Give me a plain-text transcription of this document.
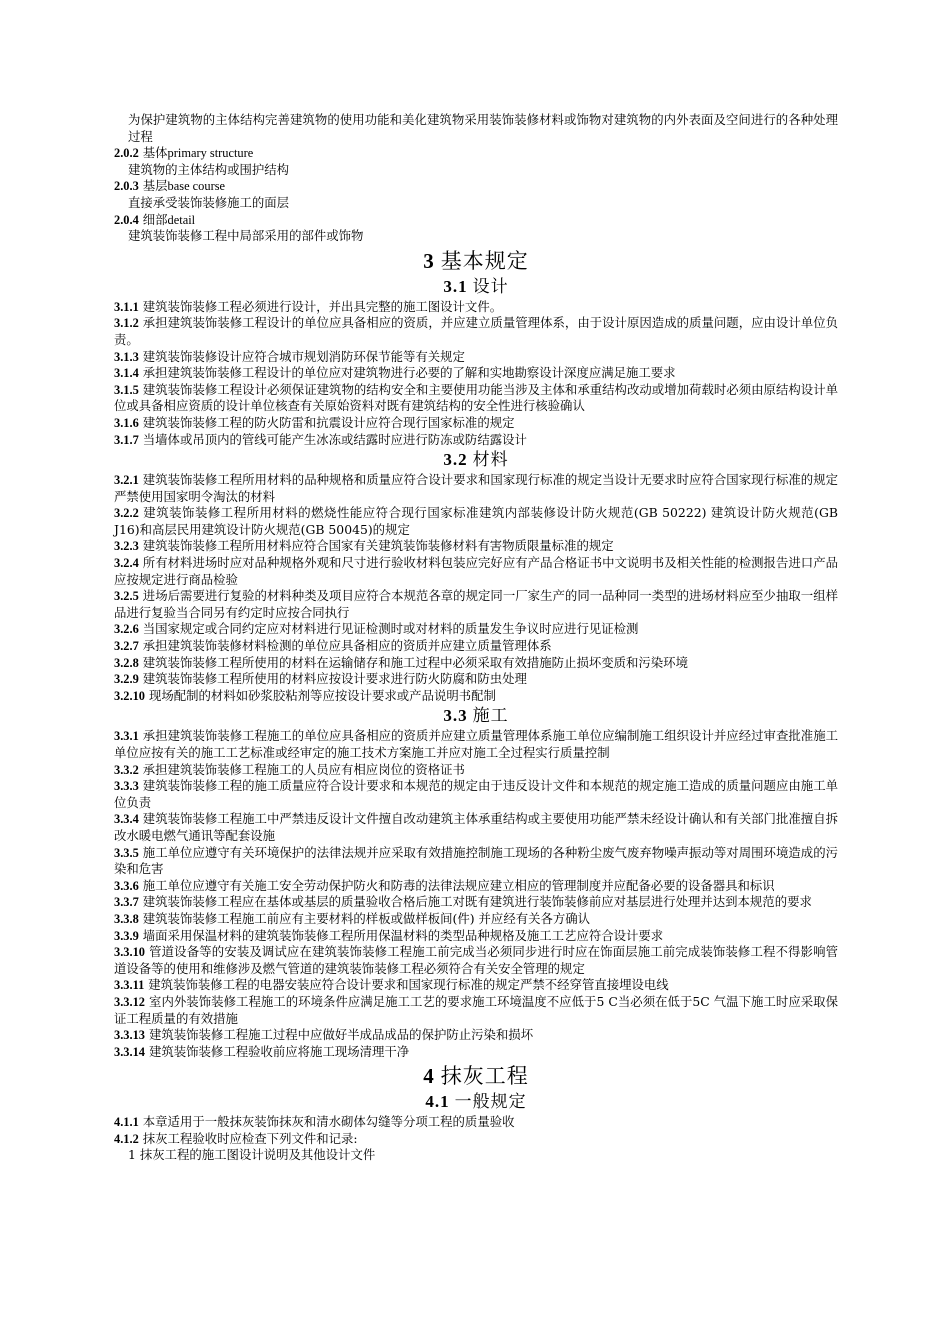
为保护建筑物的主体结构完善建筑物的使用功能和美化建筑物采用装饰装修材料或饰物对建筑物的内外表面及空间进行的各种处理过程

2.0.2 基体primary structure

建筑物的主体结构或围护结构

2.0.3 基层base course

直接承受装饰装修施工的面层

2.0.4 细部detail

建筑装饰装修工程中局部采用的部件或饰物

3 基本规定
3.1 设计

3.1.1 建筑装饰装修工程必须进行设计，并出具完整的施工图设计文件。

3.1.2 承担建筑装饰装修工程设计的单位应具备相应的资质，并应建立质量管理体系，由于设计原因造成的质量问题，应由设计单位负责。

3.1.3 建筑装饰装修设计应符合城市规划消防环保节能等有关规定

3.1.4 承担建筑装饰装修工程设计的单位应对建筑物进行必要的了解和实地勘察设计深度应满足施工要求

3.1.5 建筑装饰装修工程设计必须保证建筑物的结构安全和主要使用功能当涉及主体和承重结构改动或增加荷载时必须由原结构设计单位或具备相应资质的设计单位核查有关原始资料对既有建筑结构的安全性进行核验确认

3.1.6 建筑装饰装修工程的防火防雷和抗震设计应符合现行国家标准的规定

3.1.7 当墙体或吊顶内的管线可能产生冰冻或结露时应进行防冻或防结露设计

3.2 材料

3.2.1 建筑装饰装修工程所用材料的品种规格和质量应符合设计要求和国家现行标准的规定当设计无要求时应符合国家现行标准的规定严禁使用国家明令淘汰的材料

3.2.2 建筑装饰装修工程所用材料的燃烧性能应符合现行国家标准建筑内部装修设计防火规范(GB 50222) 建筑设计防火规范(GB J16)和高层民用建筑设计防火规范(GB 50045)的规定

3.2.3 建筑装饰装修工程所用材料应符合国家有关建筑装饰装修材料有害物质限量标准的规定

3.2.4 所有材料进场时应对品种规格外观和尺寸进行验收材料包装应完好应有产品合格证书中文说明书及相关性能的检测报告进口产品应按规定进行商品检验

3.2.5 进场后需要进行复验的材料种类及项目应符合本规范各章的规定同一厂家生产的同一品种同一类型的进场材料应至少抽取一组样品进行复验当合同另有约定时应按合同执行

3.2.6 当国家规定或合同约定应对材料进行见证检测时或对材料的质量发生争议时应进行见证检测

3.2.7 承担建筑装饰装修材料检测的单位应具备相应的资质并应建立质量管理体系

3.2.8 建筑装饰装修工程所使用的材料在运输储存和施工过程中必须采取有效措施防止损坏变质和污染环境

3.2.9 建筑装饰装修工程所使用的材料应按设计要求进行防火防腐和防虫处理

3.2.10 现场配制的材料如砂浆胶粘剂等应按设计要求或产品说明书配制

3.3 施工

3.3.1 承担建筑装饰装修工程施工的单位应具备相应的资质并应建立质量管理体系施工单位应编制施工组织设计并应经过审查批准施工单位应按有关的施工工艺标准或经审定的施工技术方案施工并应对施工全过程实行质量控制

3.3.2 承担建筑装饰装修工程施工的人员应有相应岗位的资格证书

3.3.3 建筑装饰装修工程的施工质量应符合设计要求和本规范的规定由于违反设计文件和本规范的规定施工造成的质量问题应由施工单位负责

3.3.4 建筑装饰装修工程施工中严禁违反设计文件擅自改动建筑主体承重结构或主要使用功能严禁未经设计确认和有关部门批准擅自拆改水暖电燃气通讯等配套设施

3.3.5 施工单位应遵守有关环境保护的法律法规并应采取有效措施控制施工现场的各种粉尘废气废弃物噪声振动等对周围环境造成的污染和危害

3.3.6 施工单位应遵守有关施工安全劳动保护防火和防毒的法律法规应建立相应的管理制度并应配备必要的设备器具和标识

3.3.7 建筑装饰装修工程应在基体或基层的质量验收合格后施工对既有建筑进行装饰装修前应对基层进行处理并达到本规范的要求

3.3.8 建筑装饰装修工程施工前应有主要材料的样板或做样板间(件) 并应经有关各方确认

3.3.9 墙面采用保温材料的建筑装饰装修工程所用保温材料的类型品种规格及施工工艺应符合设计要求

3.3.10 管道设备等的安装及调试应在建筑装饰装修工程施工前完成当必须同步进行时应在饰面层施工前完成装饰装修工程不得影响管道设备等的使用和维修涉及燃气管道的建筑装饰装修工程必须符合有关安全管理的规定

3.3.11 建筑装饰装修工程的电器安装应符合设计要求和国家现行标准的规定严禁不经穿管直接埋设电线

3.3.12 室内外装饰装修工程施工的环境条件应满足施工工艺的要求施工环境温度不应低于5 C当必须在低于5C 气温下施工时应采取保证工程质量的有效措施

3.3.13 建筑装饰装修工程施工过程中应做好半成品成品的保护防止污染和损坏

3.3.14 建筑装饰装修工程验收前应将施工现场清理干净

4 抹灰工程
4.1 一般规定

4.1.1 本章适用于一般抹灰装饰抹灰和清水砌体勾缝等分项工程的质量验收

4.1.2 抹灰工程验收时应检查下列文件和记录:

1 抹灰工程的施工图设计说明及其他设计文件
